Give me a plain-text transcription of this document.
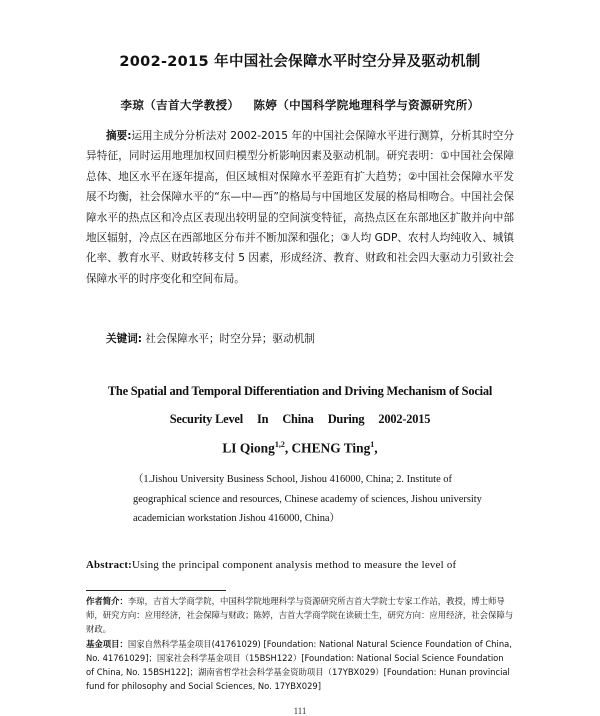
2002-2015 年中国社会保障水平时空分异及驱动机制
李琼（吉首大学教授） 陈婷（中国科学院地理科学与资源研究所）
摘要:运用主成分分析法对 2002-2015 年的中国社会保障水平进行测算，分析其时空分异特征，同时运用地理加权回归模型分析影响因素及驱动机制。研究表明：①中国社会保障总体、地区水平在逐年提高，但区域相对保障水平差距有扩大趋势；②中国社会保障水平发展不均衡，社会保障水平的“东—中—西”的格局与中国地区发展的格局相吻合。中国社会保障水平的热点区和冷点区表现出较明显的空间演变特征，高热点区在东部地区扩散并向中部地区辐射，冷点区在西部地区分布并不断加深和强化；③人均 GDP、农村人均纯收入、城镇化率、教育水平、财政转移支付 5 因素，形成经济、教育、财政和社会四大驱动力引致社会保障水平的时序变化和空间布局。
关键词: 社会保障水平；时空分异；驱动机制
The Spatial and Temporal Differentiation and Driving Mechanism of Social
Security Level In China During 2002-2015
LI Qiong$^{1,2}$, CHENG Ting$^1$,
（1.Jishou University Business School, Jishou 416000, China; 2. Institute of geographical science and resources, Chinese academy of sciences, Jishou university academician workstation Jishou 416000, China）
Abstract:Using the principal component analysis method to measure the level of

作者简介：李琼，吉首大学商学院，中国科学院地理科学与资源研究所吉首大学院士专家工作站，教授，博士师导师，研究方向：应用经济，社会保障与财政；陈婷，吉首大学商学院在读硕士生，研究方向：应用经济，社会保障与财政。

基金项目：国家自然科学基金项目(41761029) [Foundation: National Natural Science Foundation of China, No. 41761029]；国家社会科学基金项目（15BSH122）[Foundation: National Social Science Foundation of China, No. 15BSH122]；湖南省哲学社会科学基金资助项目（17YBX029）[Foundation: Hunan provincial fund for philosophy and Social Sciences, No. 17YBX029]

111
